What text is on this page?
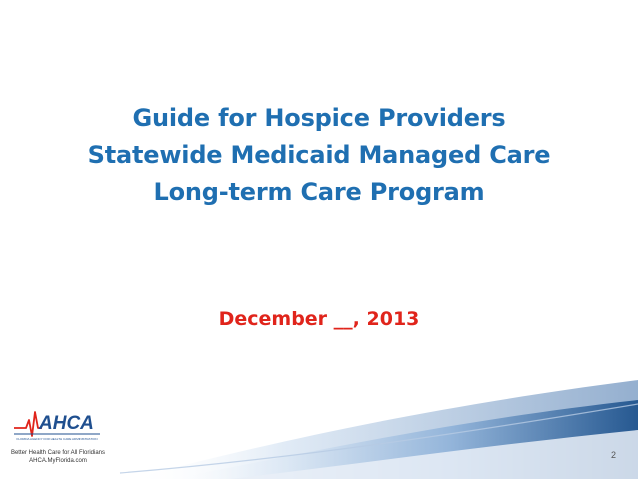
Guide for Hospice Providers
Statewide Medicaid Managed Care
Long-term Care Program
December __, 2013
AHCA
FLORIDA AGENCY FOR HEALTH CARE ADMINISTRATION
Better Health Care for All Floridians
AHCA.MyFlorida.com
2
